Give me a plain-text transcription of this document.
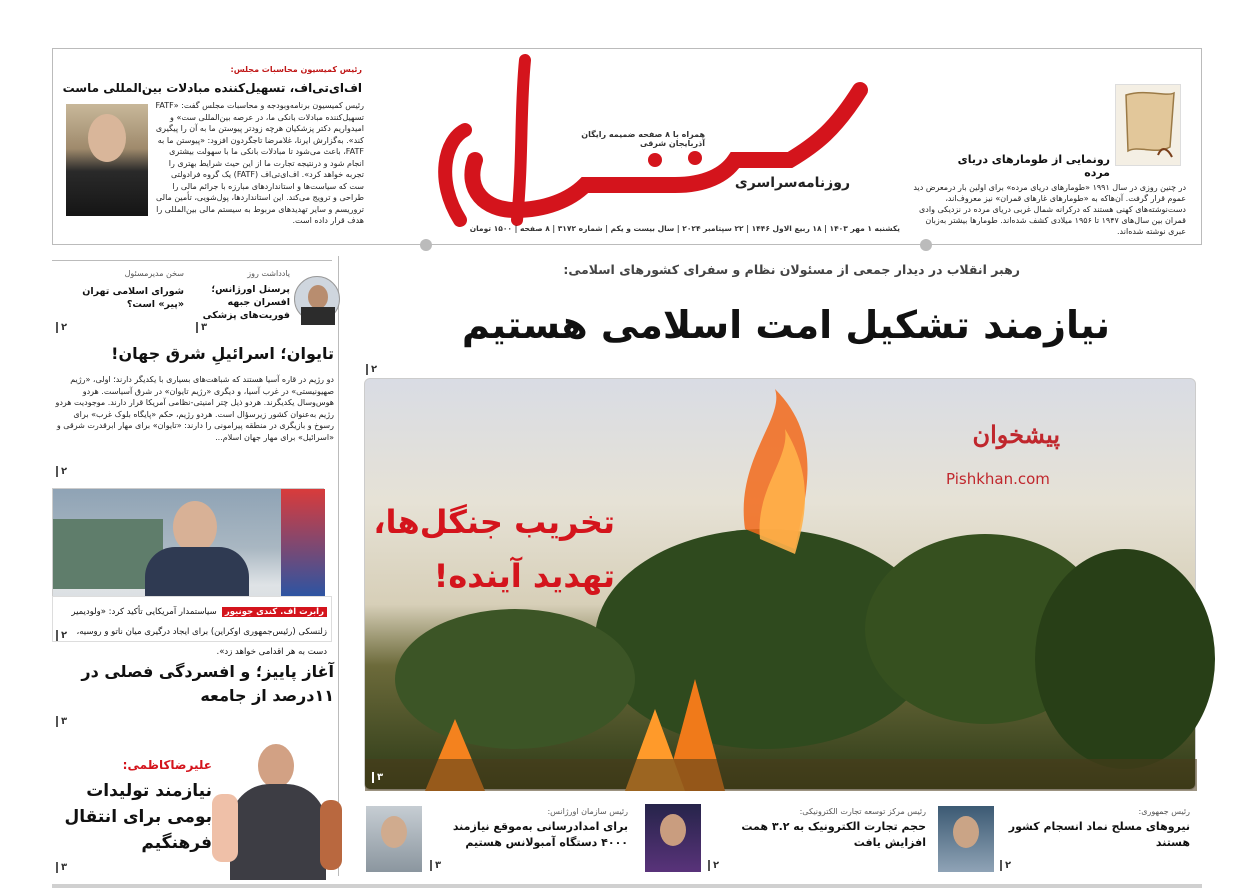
رئیس کمیسیون محاسبات مجلس:
اف‌ای‌تی‌اف، تسهیل‌کننده مبادلات بین‌المللی ماست
رئیس کمیسیون برنامه‌وبودجه و محاسبات مجلس گفت: «FATF تسهیل‌کننده مبادلات بانکی ما، در عرصه بین‌المللی ست» و امیدواریم دکتر پزشکیان هرچه زودتر پیوستن ما به آن را پیگیری کند». به‌گزارش ایرنا، غلامرضا تاجگردون افزود: «پیوستن ما به FATF، باعث می‌شود تا مبادلات بانکی ما با سهولت بیشتری انجام شود و درنتیجه تجارت ما از این حیث شرایط بهتری را تجربه خواهد کرد». اف‌ای‌تی‌اف (FATF) یک گروه فرادولتی ست که سیاست‌ها و استانداردهای مبارزه با جرائم مالی را طراحی و ترویج می‌کند. این استانداردها، پول‌شویی، تأمین مالی تروریسم و سایر تهدیدهای مربوط به سیستم مالی بین‌المللی را هدف قرار داده است.
همراه با ۸ صفحه ضمیمه رایگان آذربایجان شرقی
روزنامه‌سراسری
یکشنبه ۱ مهر ۱۴۰۳ | ۱۸ ربیع الاول ۱۴۴۶ | ۲۲ سپتامبر ۲۰۲۴ | سال بیست و یکم | شماره ۳۱۷۲ | ۸ صفحه | ۱۵۰۰ تومان
رونمایی از طومارهای دریای مرده
در چنین روزی در سال ۱۹۹۱ «طومارهای دریای مرده» برای اولین بار درمعرض دید عموم قرار گرفت. آن‌هاکه به «طومارهای غارهای قمران» نیز معروف‌اند، دست‌نوشته‌های کهنی هستند که درکرانه شمال غربی دریای مرده در نزدیکی وادی قمران بین سال‌های ۱۹۴۷ تا ۱۹۵۶ میلادی کشف شده‌اند. طومارها بیشتر به‌زبان عبری نوشته شده‌اند.
رهبر انقلاب در دیدار جمعی از مسئولان نظام و سفرای کشورهای اسلامی:
نیازمند تشکیل امت اسلامی هستیم
۲
تخریب جنگل‌ها،
تهدید آینده!
پیشخوان
Pishkhan.com
۳
یادداشت روز
پرسنل اورژانس؛ افسران جبهه فوریت‌های پزشکی
۳
سخن مدیرمسئول
شورای اسلامی تهران «پیر» است؟
۲
تایوان؛ اسرائیلِ شرق جهان!
دو رژیم در قاره آسیا هستند که شباهت‌های بسیاری با یکدیگر دارند؛ اولی، «رژیم صهیونیستی» در غرب آسیا، و دیگری «رژیم تایوان» در شرق آسیاست. هردو هوس‌وسال یکدیگرند. هردو ذیل چتر امنیتی-نظامی آمریکا قرار دارند. موجودیت هردو رژیم به‌عنوان کشور زیرسؤال است. هردو رژیم، حکم «پایگاه بلوک غرب» برای رسوخ و بازیگری در منطقه پیرامونی را دارند: «تایوان» برای مهار ابرقدرت شرقی و «اسرائیل» برای مهار جهان اسلام...
۲
رابرت اف. کندی جونیور سیاستمدار آمریکایی تأکید کرد: «ولودیمیر زلنسکی (رئیس‌جمهوری اوکراین) برای ایجاد درگیری میان ناتو و روسیه، دست به هر اقدامی خواهد زد».
۲
آغاز پاییز؛ و افسردگی فصلی در ۱۱درصد از جامعه
۳
علیرضاکاظمی:
نیازمند تولیدات بومی برای انتقال فرهنگیم
۳
رئیس جمهوری:
نیروهای مسلح نماد انسجام کشور هستند
۲
رئیس مرکز توسعه تجارت الکترونیکی:
حجم تجارت الکترونیک به ۳.۲ همت افزایش یافت
۲
رئیس سازمان اورژانس:
برای امدادرسانی به‌موقع نیازمند ۴۰۰۰ دستگاه آمبولانس هستیم
۳
